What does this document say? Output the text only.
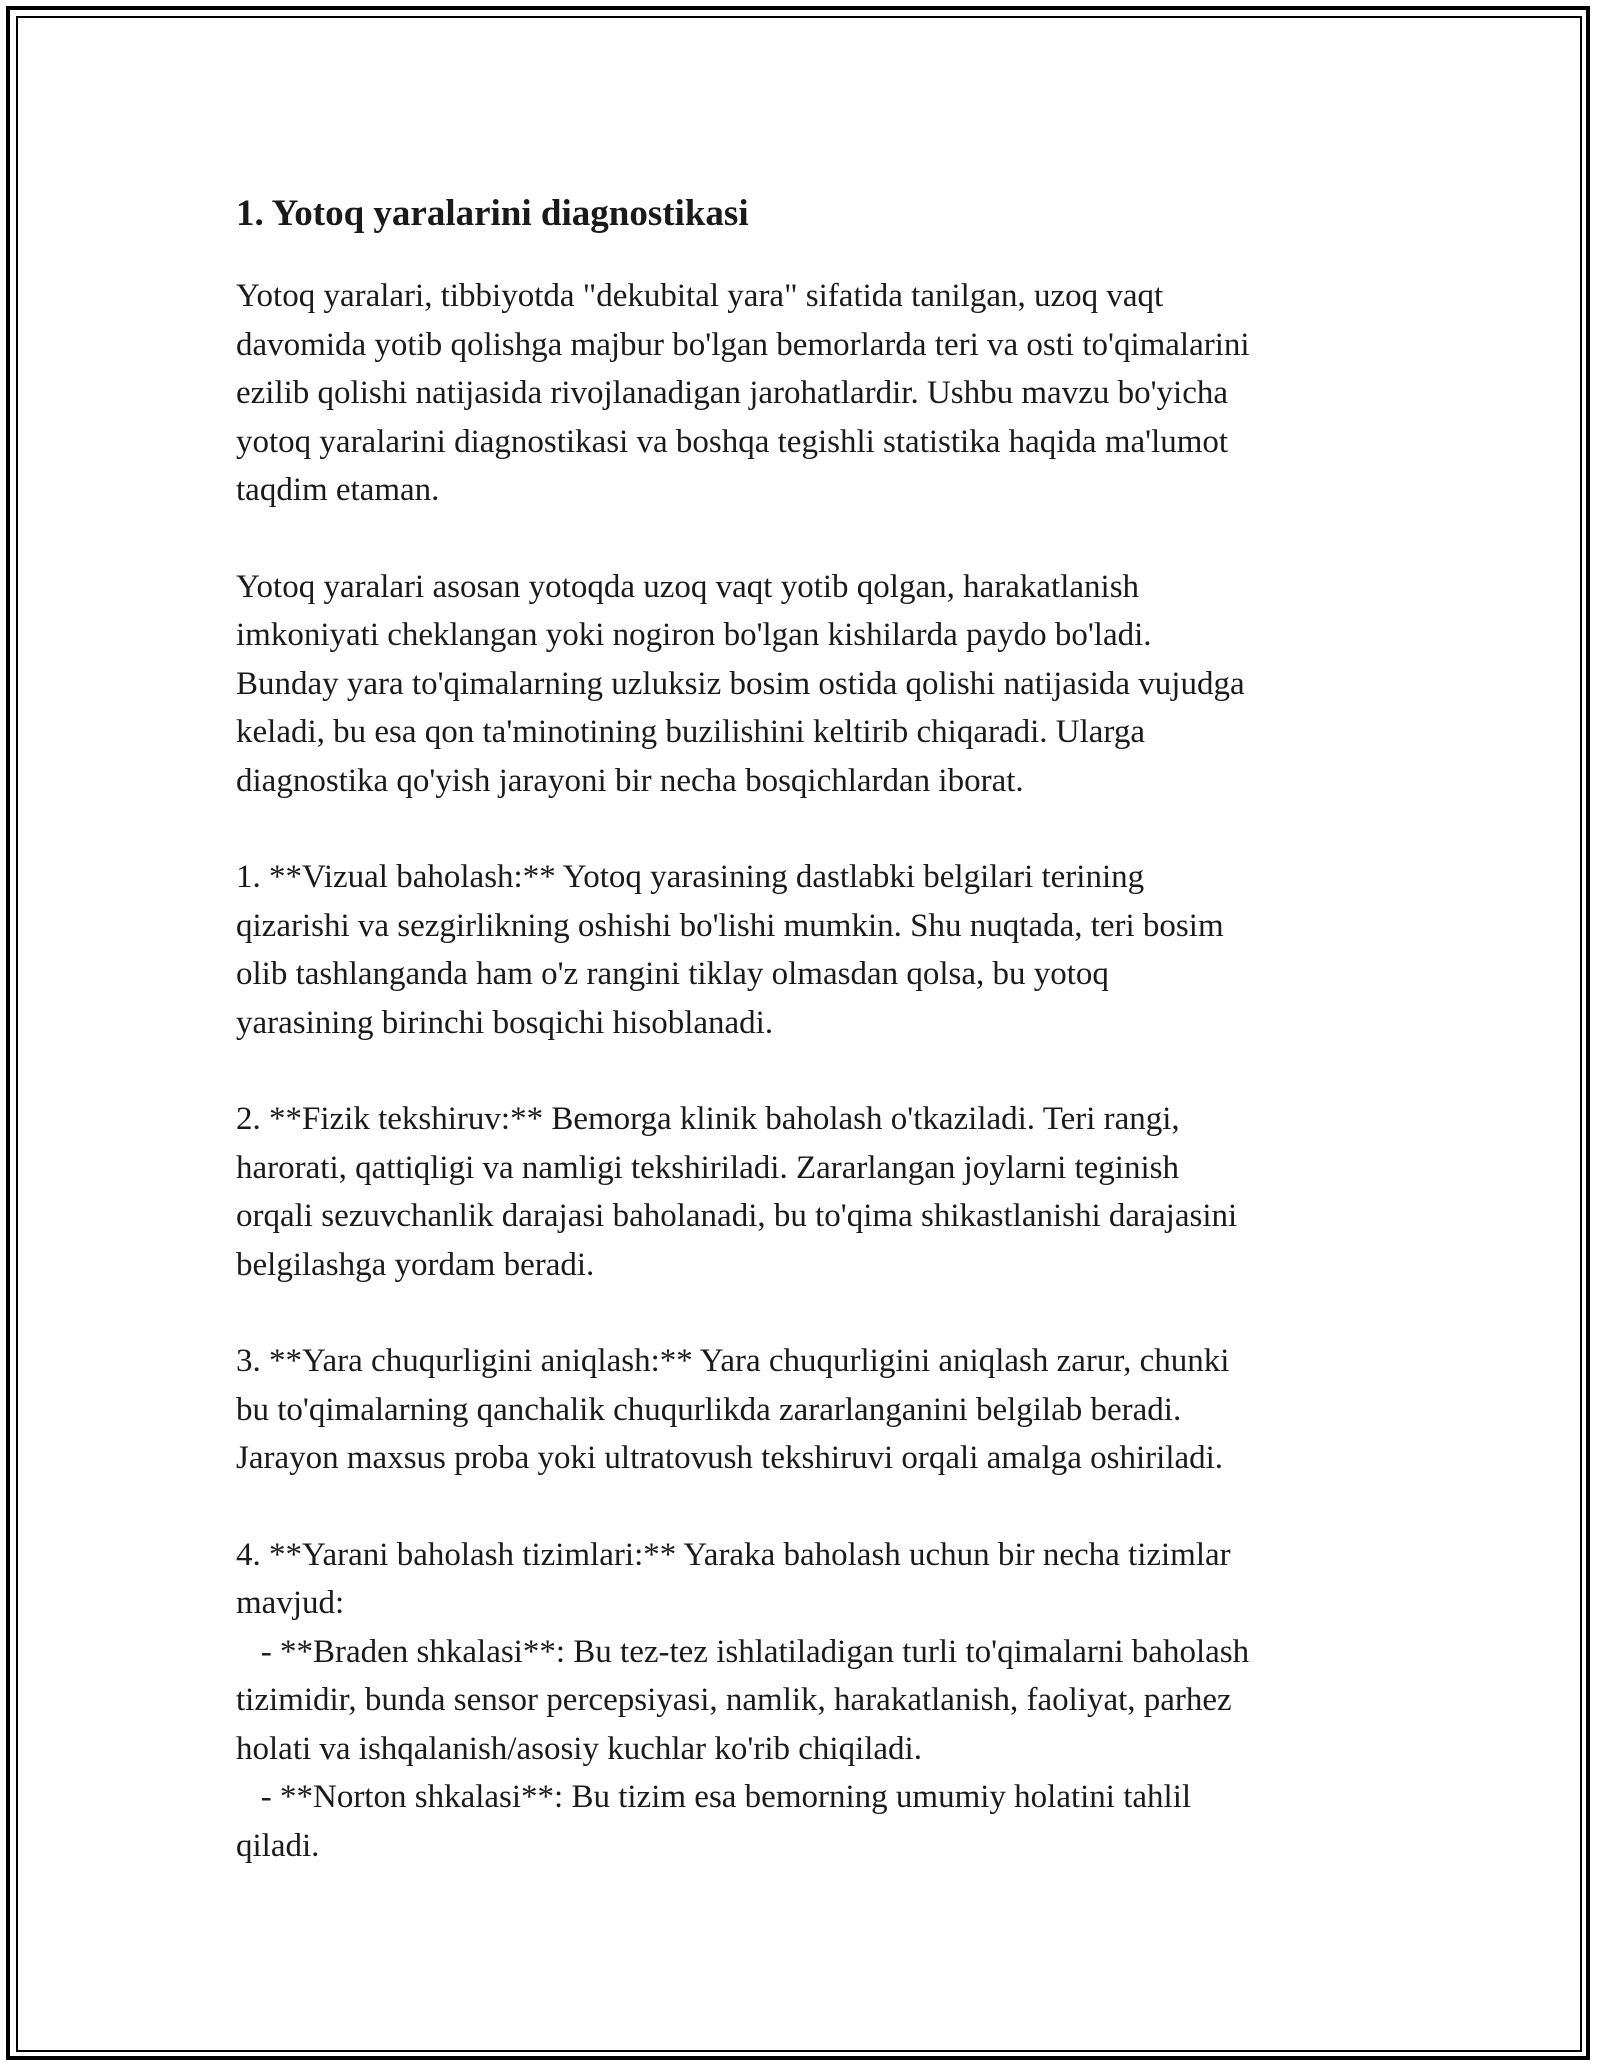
1. Yotoq yaralarini diagnostikasi
Yotoq yaralari, tibbiyotda "dekubital yara" sifatida tanilgan, uzoq vaqt
davomida yotib qolishga majbur bo'lgan bemorlarda teri va osti to'qimalarini
ezilib qolishi natijasida rivojlanadigan jarohatlardir. Ushbu mavzu bo'yicha
yotoq yaralarini diagnostikasi va boshqa tegishli statistika haqida ma'lumot
taqdim etaman.
Yotoq yaralari asosan yotoqda uzoq vaqt yotib qolgan, harakatlanish
imkoniyati cheklangan yoki nogiron bo'lgan kishilarda paydo bo'ladi.
Bunday yara to'qimalarning uzluksiz bosim ostida qolishi natijasida vujudga
keladi, bu esa qon ta'minotining buzilishini keltirib chiqaradi. Ularga
diagnostika qo'yish jarayoni bir necha bosqichlardan iborat.
1. **Vizual baholash:** Yotoq yarasining dastlabki belgilari terining
qizarishi va sezgirlikning oshishi bo'lishi mumkin. Shu nuqtada, teri bosim
olib tashlanganda ham o'z rangini tiklay olmasdan qolsa, bu yotoq
yarasining birinchi bosqichi hisoblanadi.
2. **Fizik tekshiruv:** Bemorga klinik baholash o'tkaziladi. Teri rangi,
harorati, qattiqligi va namligi tekshiriladi. Zararlangan joylarni teginish
orqali sezuvchanlik darajasi baholanadi, bu to'qima shikastlanishi darajasini
belgilashga yordam beradi.
3. **Yara chuqurligini aniqlash:** Yara chuqurligini aniqlash zarur, chunki
bu to'qimalarning qanchalik chuqurlikda zararlanganini belgilab beradi.
Jarayon maxsus proba yoki ultratovush tekshiruvi orqali amalga oshiriladi.
4. **Yarani baholash tizimlari:** Yaraka baholash uchun bir necha tizimlar
mavjud:
- **Braden shkalasi**: Bu tez-tez ishlatiladigan turli to'qimalarni baholash
tizimidir, bunda sensor percepsiyasi, namlik, harakatlanish, faoliyat, parhez
holati va ishqalanish/asosiy kuchlar ko'rib chiqiladi.
- **Norton shkalasi**: Bu tizim esa bemorning umumiy holatini tahlil
qiladi.
